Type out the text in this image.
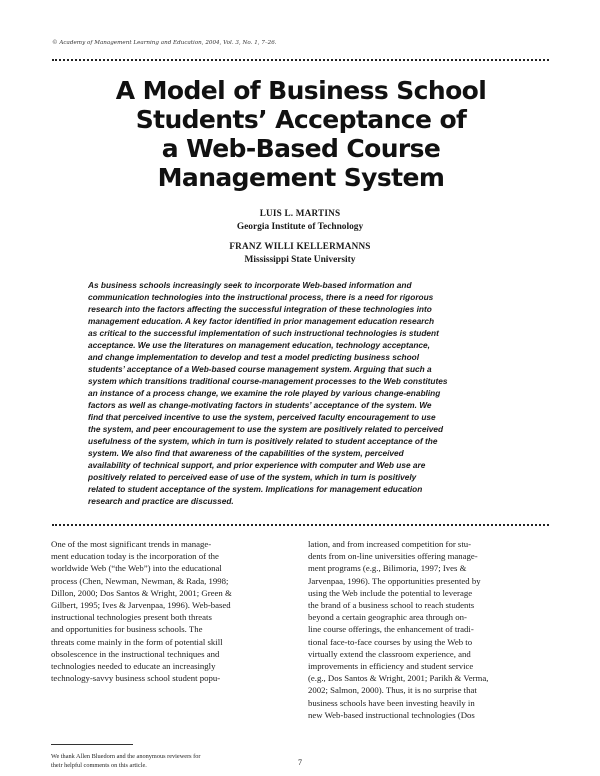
© Academy of Management Learning and Education, 2004, Vol. 3, No. 1, 7–26.
A Model of Business School
Students’ Acceptance of
a Web-Based Course
Management System
LUIS L. MARTINS
Georgia Institute of Technology
FRANZ WILLI KELLERMANNS
Mississippi State University
As business schools increasingly seek to incorporate Web-based information and
communication technologies into the instructional process, there is a need for rigorous
research into the factors affecting the successful integration of these technologies into
management education. A key factor identified in prior management education research
as critical to the successful implementation of such instructional technologies is student
acceptance. We use the literatures on management education, technology acceptance,
and change implementation to develop and test a model predicting business school
students’ acceptance of a Web-based course management system. Arguing that such a
system which transitions traditional course-management processes to the Web constitutes
an instance of a process change, we examine the role played by various change-enabling
factors as well as change-motivating factors in students’ acceptance of the system. We
find that perceived incentive to use the system, perceived faculty encouragement to use
the system, and peer encouragement to use the system are positively related to perceived
usefulness of the system, which in turn is positively related to student acceptance of the
system. We also find that awareness of the capabilities of the system, perceived
availability of technical support, and prior experience with computer and Web use are
positively related to perceived ease of use of the system, which in turn is positively
related to student acceptance of the system. Implications for management education
research and practice are discussed.
One of the most significant trends in manage-
ment education today is the incorporation of the
worldwide Web (“the Web”) into the educational
process (Chen, Newman, Newman, & Rada, 1998;
Dillon, 2000; Dos Santos & Wright, 2001; Green &
Gilbert, 1995; Ives & Jarvenpaa, 1996). Web-based
instructional technologies present both threats
and opportunities for business schools. The
threats come mainly in the form of potential skill
obsolescence in the instructional techniques and
technologies needed to educate an increasingly
technology-savvy business school student popu-
lation, and from increased competition for stu-
dents from on-line universities offering manage-
ment programs (e.g., Bilimoria, 1997; Ives &
Jarvenpaa, 1996). The opportunities presented by
using the Web include the potential to leverage
the brand of a business school to reach students
beyond a certain geographic area through on-
line course offerings, the enhancement of tradi-
tional face-to-face courses by using the Web to
virtually extend the classroom experience, and
improvements in efficiency and student service
(e.g., Dos Santos & Wright, 2001; Parikh & Verma,
2002; Salmon, 2000). Thus, it is no surprise that
business schools have been investing heavily in
new Web-based instructional technologies (Dos
We thank Allen Bluedorn and the anonymous reviewers for
their helpful comments on this article.	7
